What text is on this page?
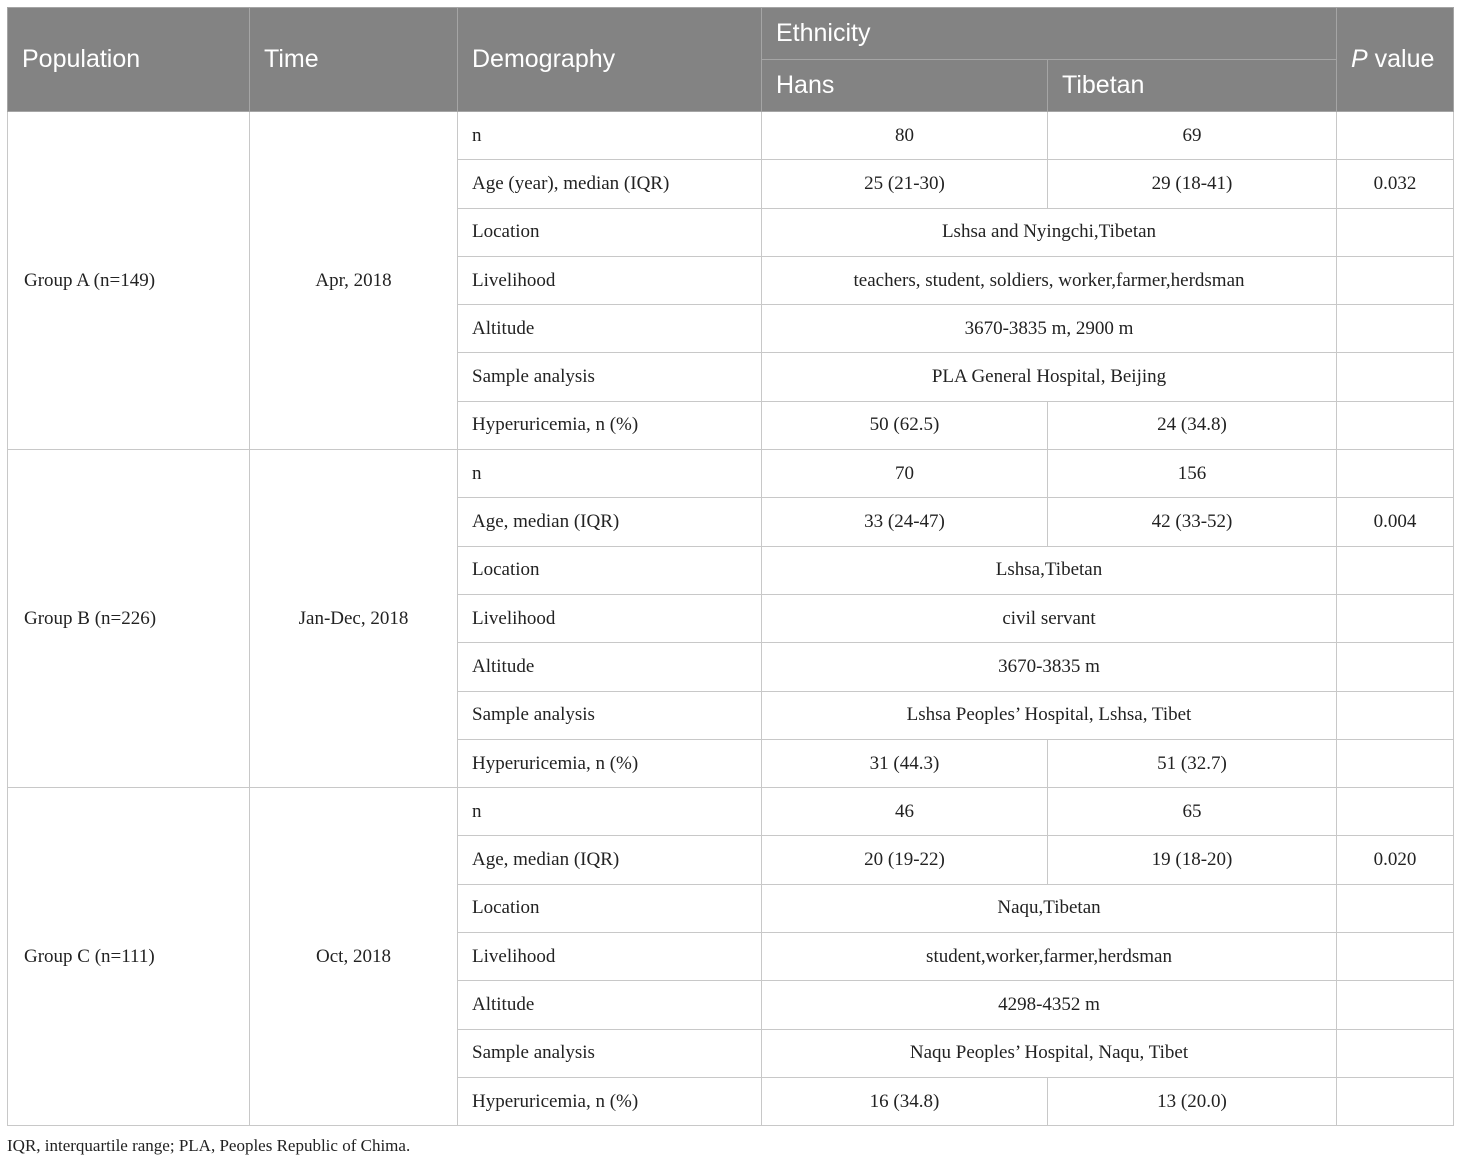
Population	Time	Demography	Ethnicity		P value
			Hans	Tibetan	
Group A (n=149)	Apr, 2018	n	80	69	
		Age (year), median (IQR)	25 (21-30)	29 (18-41)	0.032
		Location	Lshsa and Nyingchi,Tibetan		
		Livelihood	teachers, student, soldiers, worker,farmer,herdsman		
		Altitude	3670-3835 m, 2900 m		
		Sample analysis	PLA General Hospital, Beijing		
		Hyperuricemia, n (%)	50 (62.5)	24 (34.8)	
Group B (n=226)	Jan-Dec, 2018	n	70	156	
		Age, median (IQR)	33 (24-47)	42 (33-52)	0.004
		Location	Lshsa,Tibetan		
		Livelihood	civil servant		
		Altitude	3670-3835 m		
		Sample analysis	Lshsa Peoples’ Hospital, Lshsa, Tibet		
		Hyperuricemia, n (%)	31 (44.3)	51 (32.7)	
Group C (n=111)	Oct, 2018	n	46	65	
		Age, median (IQR)	20 (19-22)	19 (18-20)	0.020
		Location	Naqu,Tibetan		
		Livelihood	student,worker,farmer,herdsman		
		Altitude	4298-4352 m		
		Sample analysis	Naqu Peoples’ Hospital, Naqu, Tibet		
		Hyperuricemia, n (%)	16 (34.8)	13 (20.0)	
IQR, interquartile range; PLA, Peoples Republic of Chima.
